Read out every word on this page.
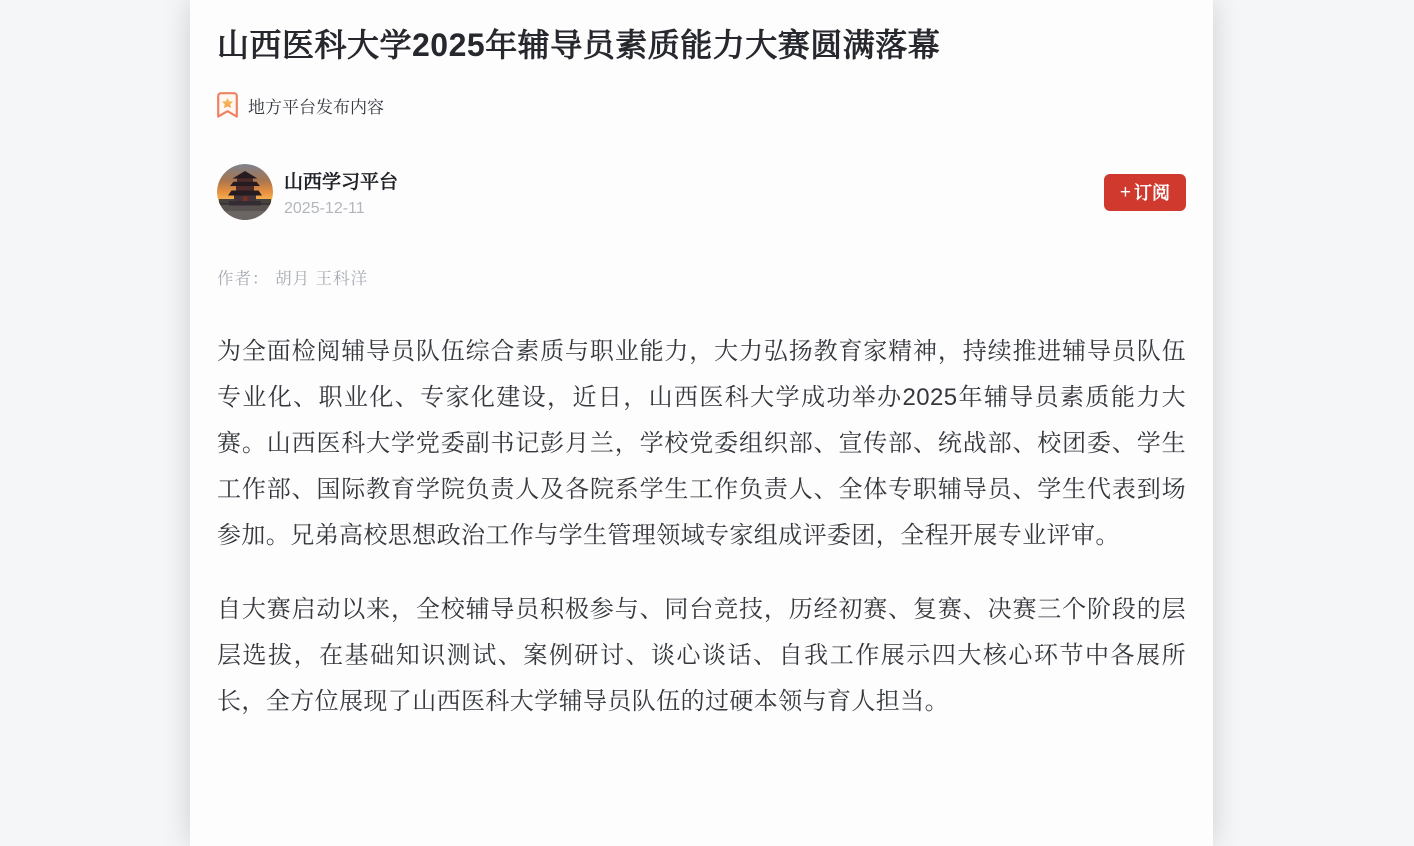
山西医科大学2025年辅导员素质能力大赛圆满落幕
地方平台发布内容
山西学习平台
2025-12-11
+ 订阅
作者： 胡月 王科洋

为全面检阅辅导员队伍综合素质与职业能力，大力弘扬教育家精神，持续推进辅导员队伍专业化、职业化、专家化建设，近日，山西医科大学成功举办2025年辅导员素质能力大赛。山西医科大学党委副书记彭月兰，学校党委组织部、宣传部、统战部、校团委、学生工作部、国际教育学院负责人及各院系学生工作负责人、全体专职辅导员、学生代表到场参加。兄弟高校思想政治工作与学生管理领域专家组成评委团，全程开展专业评审。

自大赛启动以来，全校辅导员积极参与、同台竞技，历经初赛、复赛、决赛三个阶段的层层选拔，在基础知识测试、案例研讨、谈心谈话、自我工作展示四大核心环节中各展所长，全方位展现了山西医科大学辅导员队伍的过硬本领与育人担当。
